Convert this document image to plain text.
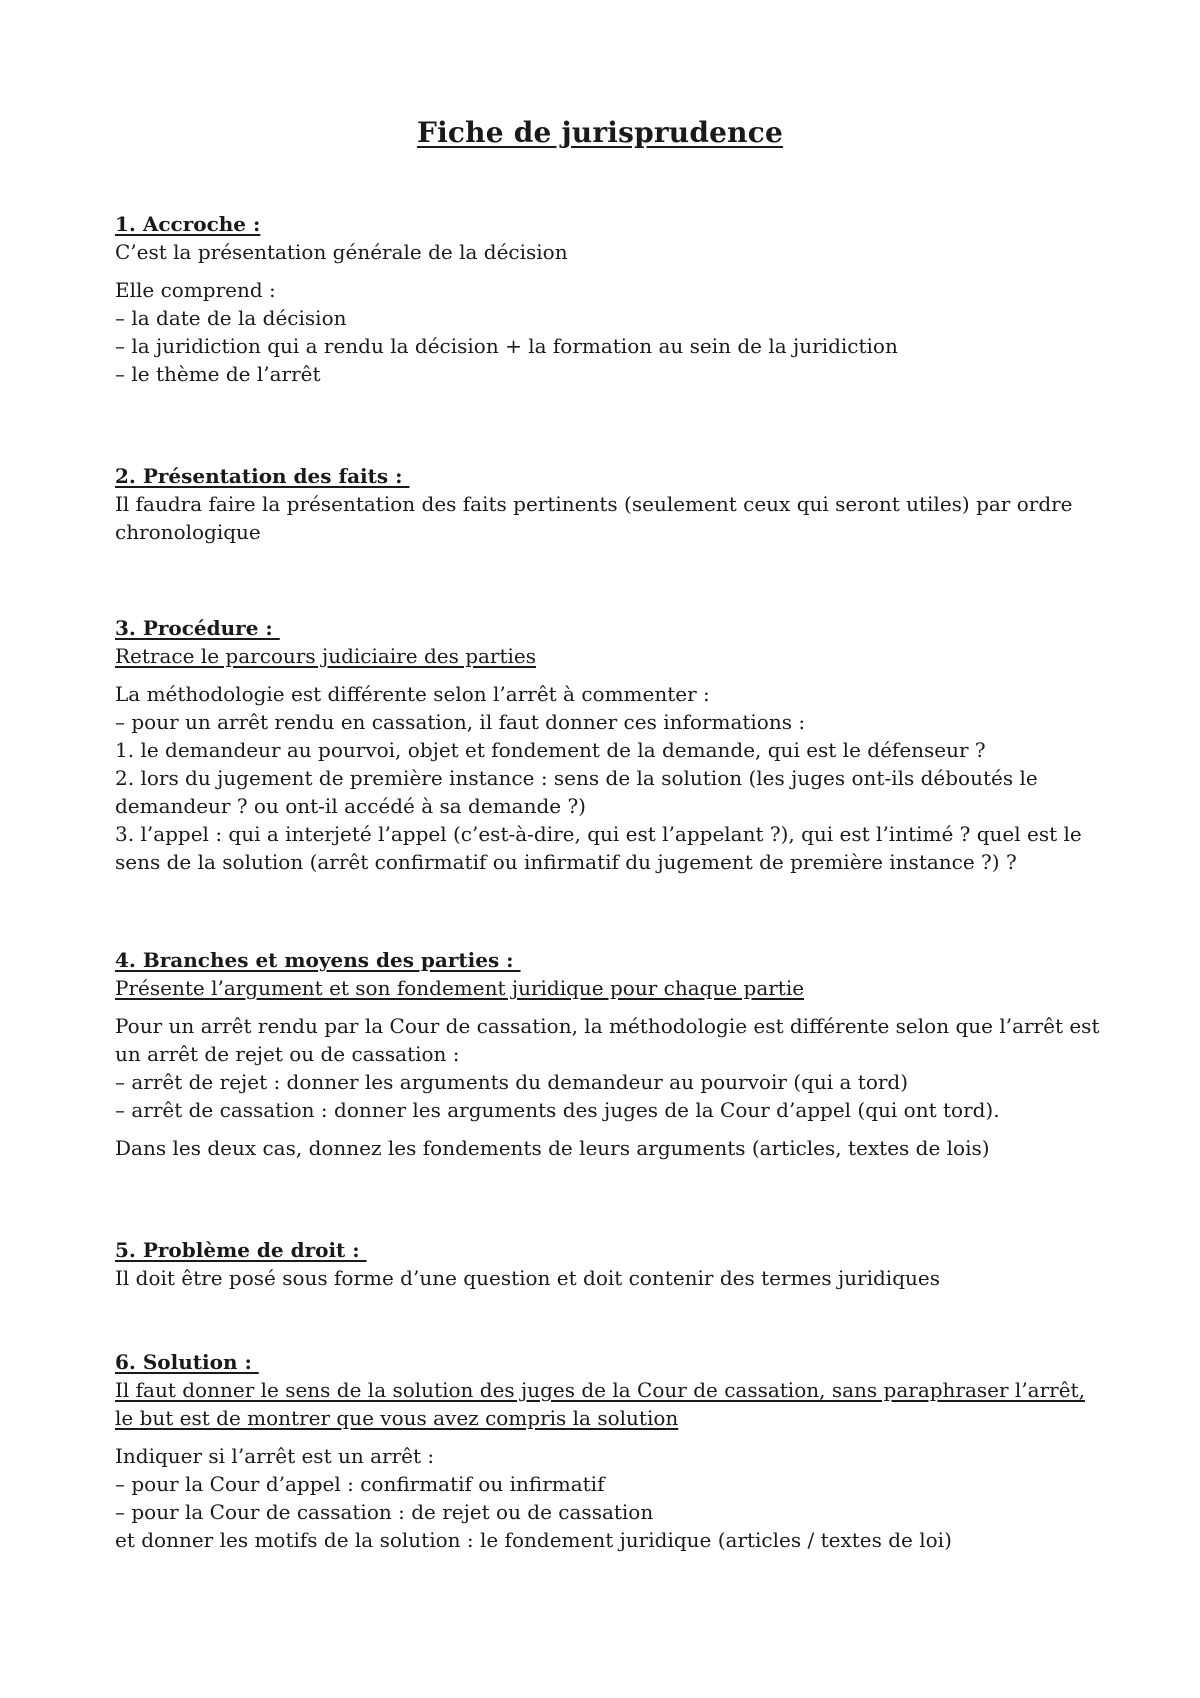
Fiche de jurisprudence
1. Accroche :
C’est la présentation générale de la décision
Elle comprend :
– la date de la décision
– la juridiction qui a rendu la décision + la formation au sein de la juridiction
– le thème de l’arrêt
2. Présentation des faits :
Il faudra faire la présentation des faits pertinents (seulement ceux qui seront utiles) par ordre chronologique
3. Procédure :
Retrace le parcours judiciaire des parties
La méthodologie est différente selon l’arrêt à commenter :
– pour un arrêt rendu en cassation, il faut donner ces informations :
1. le demandeur au pourvoi, objet et fondement de la demande, qui est le défenseur ?
2. lors du jugement de première instance : sens de la solution (les juges ont-ils déboutés le demandeur ? ou ont-il accédé à sa demande ?)
3. l’appel : qui a interjeté l’appel (c’est-à-dire, qui est l’appelant ?), qui est l’intimé ? quel est le sens de la solution (arrêt confirmatif ou infirmatif du jugement de première instance ?) ?
4. Branches et moyens des parties :
Présente l’argument et son fondement juridique pour chaque partie
Pour un arrêt rendu par la Cour de cassation, la méthodologie est différente selon que l’arrêt est un arrêt de rejet ou de cassation :
– arrêt de rejet : donner les arguments du demandeur au pourvoir (qui a tord)
– arrêt de cassation : donner les arguments des juges de la Cour d’appel (qui ont tord).
Dans les deux cas, donnez les fondements de leurs arguments (articles, textes de lois)
5. Problème de droit :
Il doit être posé sous forme d’une question et doit contenir des termes juridiques
6. Solution :
Il faut donner le sens de la solution des juges de la Cour de cassation, sans paraphraser l’arrêt, le but est de montrer que vous avez compris la solution
Indiquer si l’arrêt est un arrêt :
– pour la Cour d’appel : confirmatif ou infirmatif
– pour la Cour de cassation : de rejet ou de cassation
et donner les motifs de la solution : le fondement juridique (articles / textes de loi)
